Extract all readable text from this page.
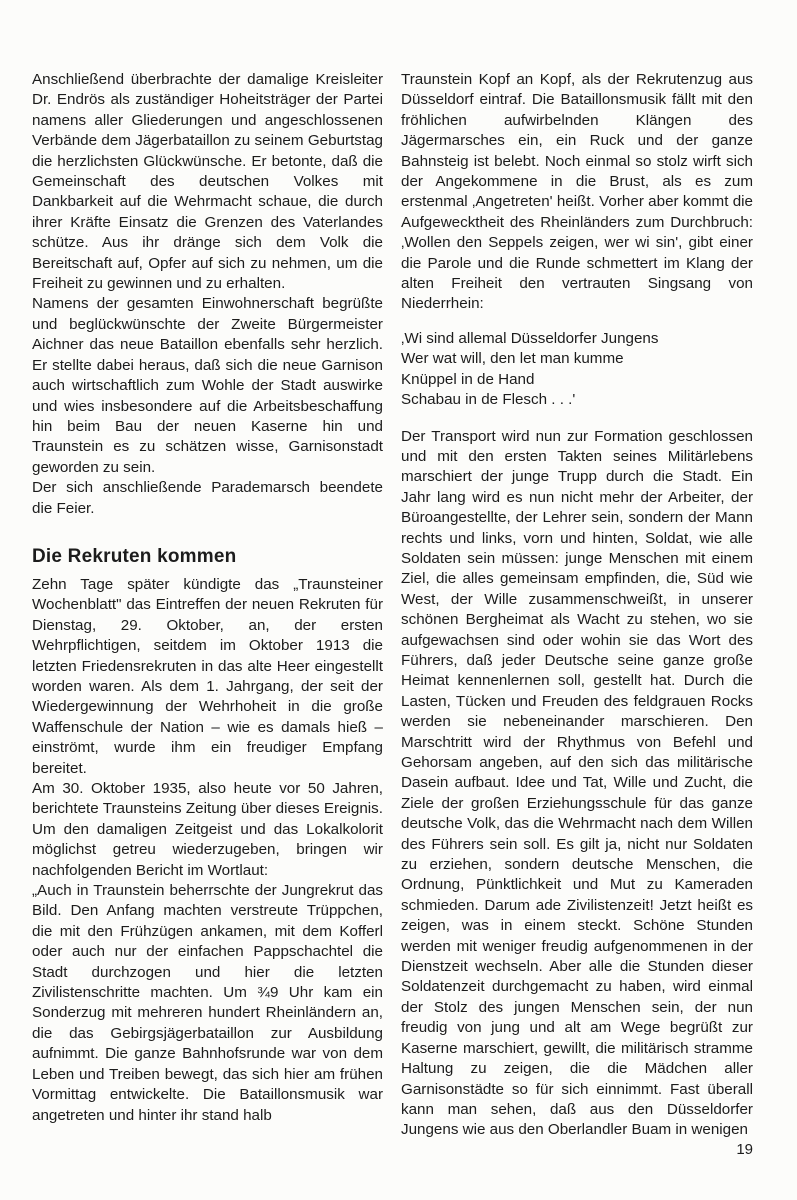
Anschließend überbrachte der damalige Kreisleiter Dr. Endrös als zuständiger Hoheitsträger der Partei namens aller Gliederungen und angeschlossenen Verbände dem Jägerbataillon zu seinem Geburtstag die herzlichsten Glückwünsche. Er betonte, daß die Gemeinschaft des deutschen Volkes mit Dankbarkeit auf die Wehrmacht schaue, die durch ihrer Kräfte Einsatz die Grenzen des Vaterlandes schütze. Aus ihr dränge sich dem Volk die Bereitschaft auf, Opfer auf sich zu nehmen, um die Freiheit zu gewinnen und zu erhalten.

Namens der gesamten Einwohnerschaft begrüßte und beglückwünschte der Zweite Bürgermeister Aichner das neue Bataillon ebenfalls sehr herzlich. Er stellte dabei heraus, daß sich die neue Garnison auch wirtschaftlich zum Wohle der Stadt auswirke und wies insbesondere auf die Arbeitsbeschaffung hin beim Bau der neuen Kaserne hin und Traunstein es zu schätzen wisse, Garnisonstadt geworden zu sein.

Der sich anschließende Parademarsch beendete die Feier.

Die Rekruten kommen

Zehn Tage später kündigte das „Traunsteiner Wochenblatt" das Eintreffen der neuen Rekruten für Dienstag, 29. Oktober, an, der ersten Wehrpflichtigen, seitdem im Oktober 1913 die letzten Friedensrekruten in das alte Heer eingestellt worden waren. Als dem 1. Jahrgang, der seit der Wiedergewinnung der Wehrhoheit in die große Waffenschule der Nation – wie es damals hieß – einströmt, wurde ihm ein freudiger Empfang bereitet.

Am 30. Oktober 1935, also heute vor 50 Jahren, berichtete Traunsteins Zeitung über dieses Ereignis. Um den damaligen Zeitgeist und das Lokalkolorit möglichst getreu wiederzugeben, bringen wir nachfolgenden Bericht im Wortlaut:

„Auch in Traunstein beherrschte der Jungrekrut das Bild. Den Anfang machten verstreute Trüppchen, die mit den Frühzügen ankamen, mit dem Kofferl oder auch nur der einfachen Pappschachtel die Stadt durchzogen und hier die letzten Zivilistenschritte machten. Um ¾9 Uhr kam ein Sonderzug mit mehreren hundert Rheinländern an, die das Gebirgsjägerbataillon zur Ausbildung aufnimmt. Die ganze Bahnhofsrunde war von dem Leben und Treiben bewegt, das sich hier am frühen Vormittag entwickelte. Die Bataillonsmusik war angetreten und hinter ihr stand halb

Traunstein Kopf an Kopf, als der Rekrutenzug aus Düsseldorf eintraf. Die Bataillonsmusik fällt mit den fröhlichen aufwirbelnden Klängen des Jägermarsches ein, ein Ruck und der ganze Bahnsteig ist belebt. Noch einmal so stolz wirft sich der Angekommene in die Brust, als es zum erstenmal ‚Angetreten' heißt. Vorher aber kommt die Aufgewecktheit des Rheinländers zum Durchbruch: ‚Wollen den Seppels zeigen, wer wi sin', gibt einer die Parole und die Runde schmettert im Klang der alten Freiheit den vertrauten Singsang von Niederrhein:

‚Wi sind allemal Düsseldorfer Jungens
Wer wat will, den let man kumme
Knüppel in de Hand
Schabau in de Flesch . . .'

Der Transport wird nun zur Formation geschlossen und mit den ersten Takten seines Militärlebens marschiert der junge Trupp durch die Stadt. Ein Jahr lang wird es nun nicht mehr der Arbeiter, der Büroangestellte, der Lehrer sein, sondern der Mann rechts und links, vorn und hinten, Soldat, wie alle Soldaten sein müssen: junge Menschen mit einem Ziel, die alles gemeinsam empfinden, die, Süd wie West, der Wille zusammenschweißt, in unserer schönen Bergheimat als Wacht zu stehen, wo sie aufgewachsen sind oder wohin sie das Wort des Führers, daß jeder Deutsche seine ganze große Heimat kennenlernen soll, gestellt hat. Durch die Lasten, Tücken und Freuden des feldgrauen Rocks werden sie nebeneinander marschieren. Den Marschtritt wird der Rhythmus von Befehl und Gehorsam angeben, auf den sich das militärische Dasein aufbaut. Idee und Tat, Wille und Zucht, die Ziele der großen Erziehungsschule für das ganze deutsche Volk, das die Wehrmacht nach dem Willen des Führers sein soll. Es gilt ja, nicht nur Soldaten zu erziehen, sondern deutsche Menschen, die Ordnung, Pünktlichkeit und Mut zu Kameraden schmieden. Darum ade Zivilistenzeit! Jetzt heißt es zeigen, was in einem steckt. Schöne Stunden werden mit weniger freudig aufgenommenen in der Dienstzeit wechseln. Aber alle die Stunden dieser Soldatenzeit durchgemacht zu haben, wird einmal der Stolz des jungen Menschen sein, der nun freudig von jung und alt am Wege begrüßt zur Kaserne marschiert, gewillt, die militärisch stramme Haltung zu zeigen, die die Mädchen aller Garnisonstädte so für sich einnimmt. Fast überall kann man sehen, daß aus den Düsseldorfer Jungens wie aus den Oberlandler Buam in wenigen

19
